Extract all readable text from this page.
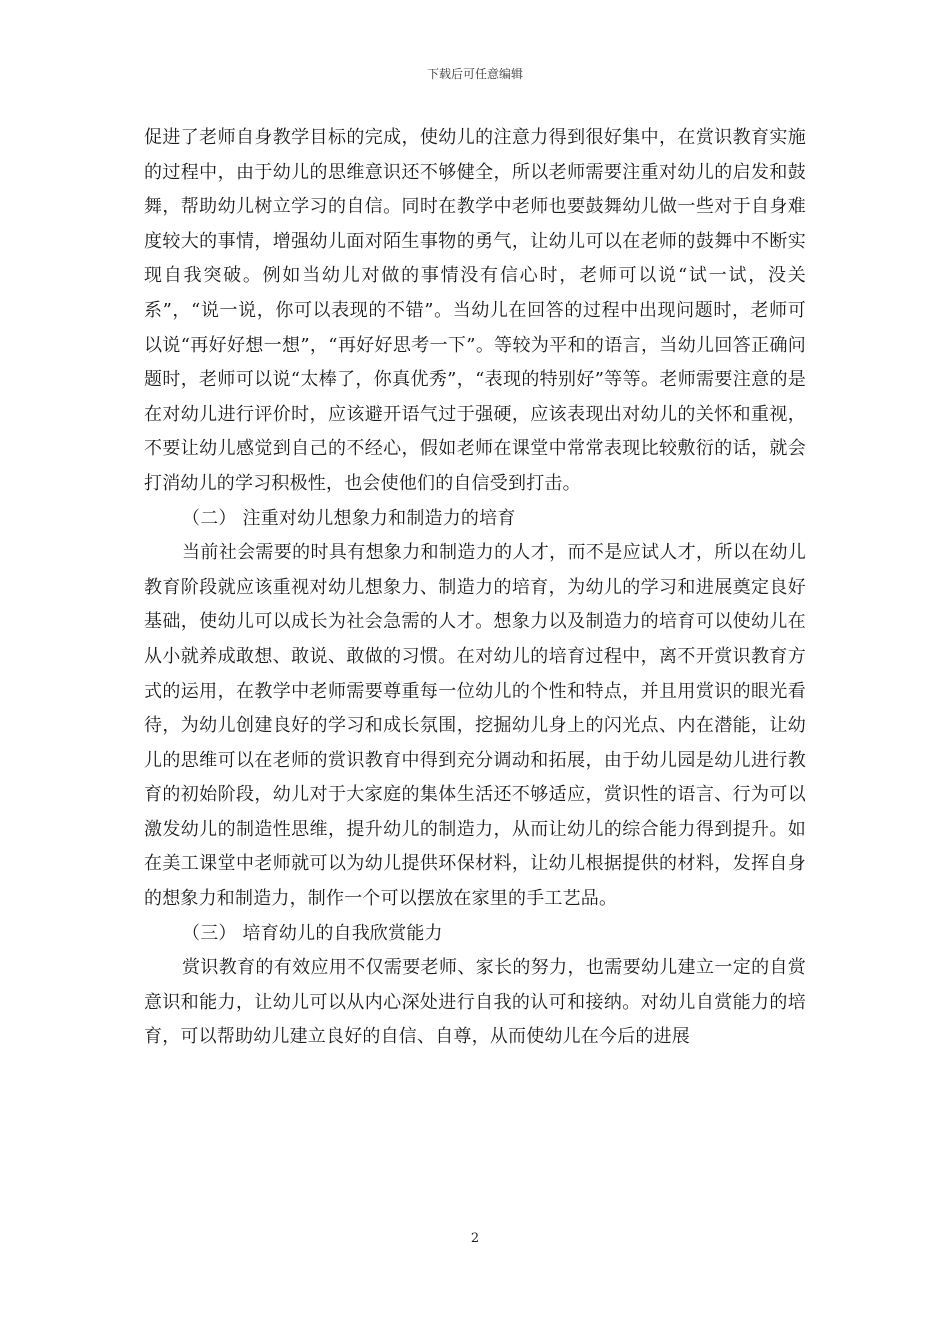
下载后可任意编辑

促进了老师自身教学目标的完成，使幼儿的注意力得到很好集中，在赏识教育实施的过程中，由于幼儿的思维意识还不够健全，所以老师需要注重对幼儿的启发和鼓舞，帮助幼儿树立学习的自信。同时在教学中老师也要鼓舞幼儿做一些对于自身难度较大的事情，增强幼儿面对陌生事物的勇气，让幼儿可以在老师的鼓舞中不断实现自我突破。例如当幼儿对做的事情没有信心时，老师可以说“试一试，没关系”，“说一说，你可以表现的不错”。当幼儿在回答的过程中出现问题时，老师可以说“再好好想一想”，“再好好思考一下”。等较为平和的语言，当幼儿回答正确问题时，老师可以说“太棒了，你真优秀”，“表现的特别好”等等。老师需要注意的是在对幼儿进行评价时，应该避开语气过于强硬，应该表现出对幼儿的关怀和重视，不要让幼儿感觉到自己的不经心，假如老师在课堂中常常表现比较敷衍的话，就会打消幼儿的学习积极性，也会使他们的自信受到打击。

（二） 注重对幼儿想象力和制造力的培育

当前社会需要的时具有想象力和制造力的人才，而不是应试人才，所以在幼儿教育阶段就应该重视对幼儿想象力、制造力的培育，为幼儿的学习和进展奠定良好基础，使幼儿可以成长为社会急需的人才。想象力以及制造力的培育可以使幼儿在从小就养成敢想、敢说、敢做的习惯。在对幼儿的培育过程中，离不开赏识教育方式的运用，在教学中老师需要尊重每一位幼儿的个性和特点，并且用赏识的眼光看待，为幼儿创建良好的学习和成长氛围，挖掘幼儿身上的闪光点、内在潜能，让幼儿的思维可以在老师的赏识教育中得到充分调动和拓展，由于幼儿园是幼儿进行教育的初始阶段，幼儿对于大家庭的集体生活还不够适应，赏识性的语言、行为可以激发幼儿的制造性思维，提升幼儿的制造力，从而让幼儿的综合能力得到提升。如在美工课堂中老师就可以为幼儿提供环保材料，让幼儿根据提供的材料，发挥自身的想象力和制造力，制作一个可以摆放在家里的手工艺品。

（三） 培育幼儿的自我欣赏能力

赏识教育的有效应用不仅需要老师、家长的努力，也需要幼儿建立一定的自赏意识和能力，让幼儿可以从内心深处进行自我的认可和接纳。对幼儿自赏能力的培育，可以帮助幼儿建立良好的自信、自尊，从而使幼儿在今后的进展

2
